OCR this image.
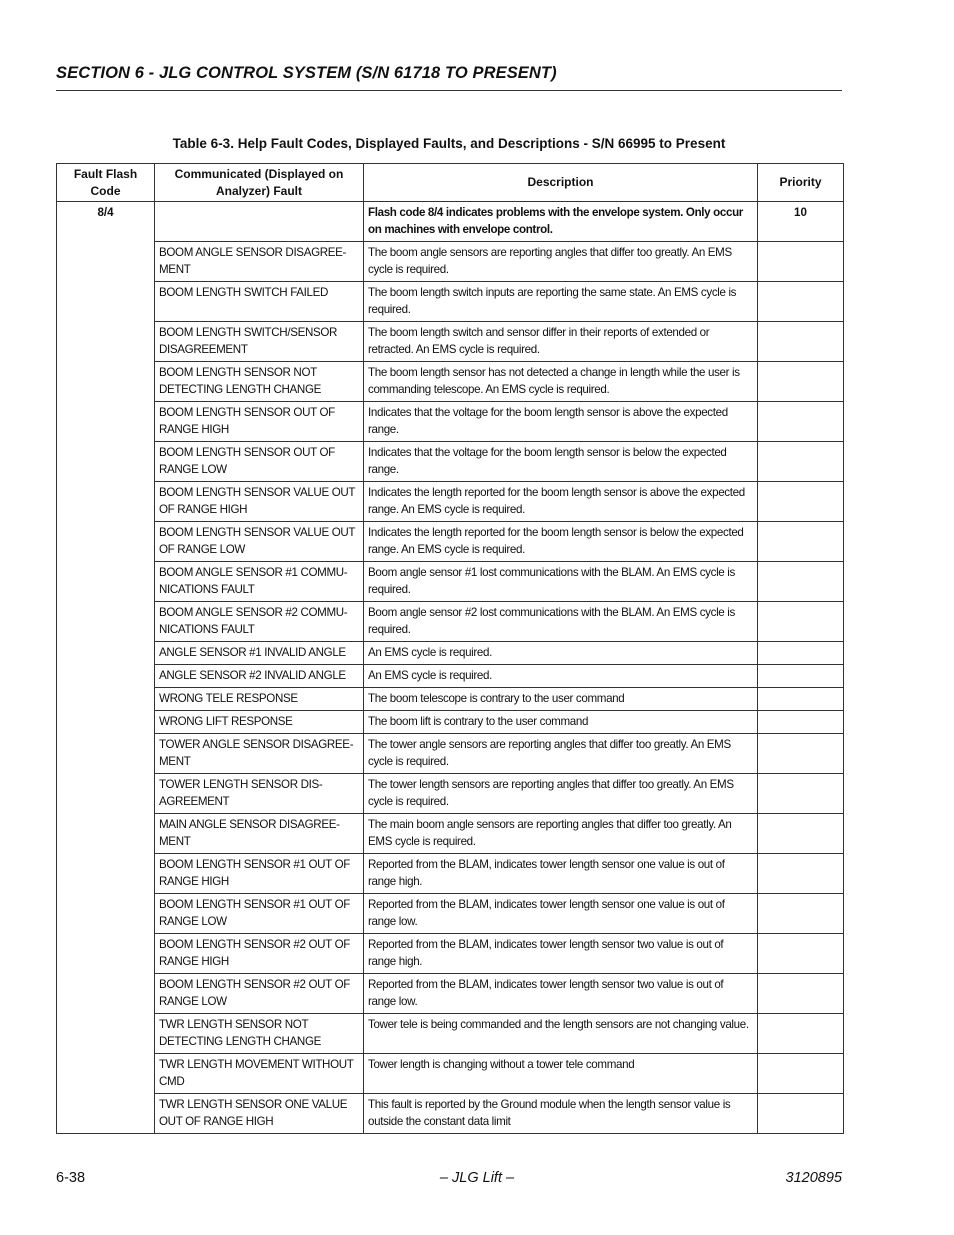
SECTION 6 - JLG CONTROL SYSTEM (S/N 61718 TO PRESENT)
Table 6-3. Help Fault Codes, Displayed Faults, and Descriptions - S/N 66995 to Present
Fault Flash Code	Communicated (Displayed on Analyzer) Fault	Description	Priority
8/4		Flash code 8/4 indicates problems with the envelope system. Only occur on machines with envelope control.	10
	BOOM ANGLE SENSOR DISAGREE-MENT	The boom angle sensors are reporting angles that differ too greatly. An EMS cycle is required.	
	BOOM LENGTH SWITCH FAILED	The boom length switch inputs are reporting the same state. An EMS cycle is required.	
	BOOM LENGTH SWITCH/SENSOR DISAGREEMENT	The boom length switch and sensor differ in their reports of extended or retracted. An EMS cycle is required.	
	BOOM LENGTH SENSOR NOT DETECTING LENGTH CHANGE	The boom length sensor has not detected a change in length while the user is commanding telescope. An EMS cycle is required.	
	BOOM LENGTH SENSOR OUT OF RANGE HIGH	Indicates that the voltage for the boom length sensor is above the expected range.	
	BOOM LENGTH SENSOR OUT OF RANGE LOW	Indicates that the voltage for the boom length sensor is below the expected range.	
	BOOM LENGTH SENSOR VALUE OUT OF RANGE HIGH	Indicates the length reported for the boom length sensor is above the expected range. An EMS cycle is required.	
	BOOM LENGTH SENSOR VALUE OUT OF RANGE LOW	Indicates the length reported for the boom length sensor is below the expected range. An EMS cycle is required.	
	BOOM ANGLE SENSOR #1 COMMU-NICATIONS FAULT	Boom angle sensor #1 lost communications with the BLAM. An EMS cycle is required.	
	BOOM ANGLE SENSOR #2 COMMU-NICATIONS FAULT	Boom angle sensor #2 lost communications with the BLAM. An EMS cycle is required.	
	ANGLE SENSOR #1 INVALID ANGLE	An EMS cycle is required.	
	ANGLE SENSOR #2 INVALID ANGLE	An EMS cycle is required.	
	WRONG TELE RESPONSE	The boom telescope is contrary to the user command	
	WRONG LIFT RESPONSE	The boom lift is contrary to the user command	
	TOWER ANGLE SENSOR DISAGREE-MENT	The tower angle sensors are reporting angles that differ too greatly. An EMS cycle is required.	
	TOWER LENGTH SENSOR DIS-AGREEMENT	The tower length sensors are reporting angles that differ too greatly. An EMS cycle is required.	
	MAIN ANGLE SENSOR DISAGREE-MENT	The main boom angle sensors are reporting angles that differ too greatly. An EMS cycle is required.	
	BOOM LENGTH SENSOR #1 OUT OF RANGE HIGH	Reported from the BLAM, indicates tower length sensor one value is out of range high.	
	BOOM LENGTH SENSOR #1 OUT OF RANGE LOW	Reported from the BLAM, indicates tower length sensor one value is out of range low.	
	BOOM LENGTH SENSOR #2 OUT OF RANGE HIGH	Reported from the BLAM, indicates tower length sensor two value is out of range high.	
	BOOM LENGTH SENSOR #2 OUT OF RANGE LOW	Reported from the BLAM, indicates tower length sensor two value is out of range low.	
	TWR LENGTH SENSOR NOT DETECTING LENGTH CHANGE	Tower tele is being commanded and the length sensors are not changing value.	
	TWR LENGTH MOVEMENT WITHOUT CMD	Tower length is changing without a tower tele command	
	TWR LENGTH SENSOR ONE VALUE OUT OF RANGE HIGH	This fault is reported by the Ground module when the length sensor value is outside the constant data limit	
6-38	– JLG Lift –	3120895
